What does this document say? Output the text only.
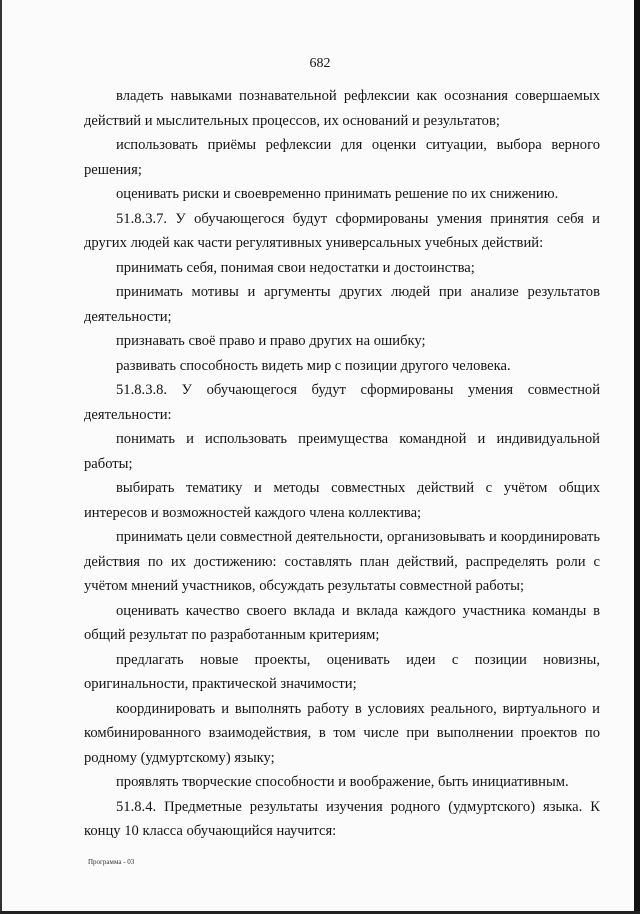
682

владеть навыками познавательной рефлексии как осознания совершаемых действий и мыслительных процессов, их оснований и результатов;

использовать приёмы рефлексии для оценки ситуации, выбора верного решения;

оценивать риски и своевременно принимать решение по их снижению.

51.8.3.7. У обучающегося будут сформированы умения принятия себя и других людей как части регулятивных универсальных учебных действий:

принимать себя, понимая свои недостатки и достоинства;

принимать мотивы и аргументы других людей при анализе результатов деятельности;

признавать своё право и право других на ошибку;

развивать способность видеть мир с позиции другого человека.

51.8.3.8. У обучающегося будут сформированы умения совместной деятельности:

понимать и использовать преимущества командной и индивидуальной работы;

выбирать тематику и методы совместных действий с учётом общих интересов и возможностей каждого члена коллектива;

принимать цели совместной деятельности, организовывать и координировать действия по их достижению: составлять план действий, распределять роли с учётом мнений участников, обсуждать результаты совместной работы;

оценивать качество своего вклада и вклада каждого участника команды в общий результат по разработанным критериям;

предлагать новые проекты, оценивать идеи с позиции новизны, оригинальности, практической значимости;

координировать и выполнять работу в условиях реального, виртуального и комбинированного взаимодействия, в том числе при выполнении проектов по родному (удмуртскому) языку;

проявлять творческие способности и воображение, быть инициативным.

51.8.4. Предметные результаты изучения родного (удмуртского) языка. К концу 10 класса обучающийся научится:

Программа - 03
